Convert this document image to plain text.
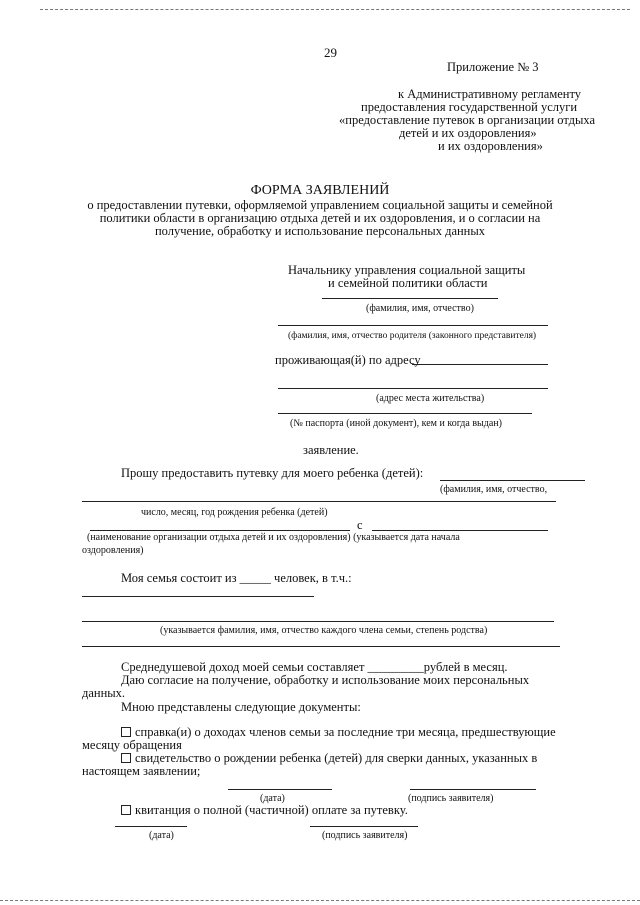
29
Приложение № 3
к Административному регламенту
предоставления государственной услуги
«предоставление путевок в организации отдыха
детей и их оздоровления»
и их оздоровления»
ФОРМА ЗАЯВЛЕНИЙ
о предоставлении путевки, оформляемой управлением социальной защиты и семейной
политики области в организацию отдыха детей и их оздоровления, и о согласии на
получение, обработку и использование персональных данных
Начальнику управления социальной защиты
и семейной политики области
(фамилия, имя, отчество)
(фамилия, имя, отчество родителя (законного представителя)
проживающая(й) по адресу
(адрес места жительства)
(№ паспорта (иной документ), кем и когда выдан)
заявление.
Прошу предоставить путевку для моего ребенка (детей):
(фамилия, имя, отчество,
число, месяц, год рождения ребенка (детей)
с
(наименование организации отдыха детей и их оздоровления) (указывается дата начала
оздоровления)
Моя семья состоит из _____ человек, в т.ч.:
(указывается фамилия, имя, отчество каждого члена семьи, степень родства)
Среднедушевой доход моей семьи составляет _________рублей в месяц.
Даю согласие на получение, обработку и использование моих персональных
данных.
Мною представлены следующие документы:
справка(и) о доходах членов семьи за последние три месяца, предшествующие
месяцу обращения
свидетельство о рождении ребенка (детей) для сверки данных, указанных в
настоящем заявлении;
(дата)	(подпись заявителя)
квитанция о полной (частичной) оплате за путевку.
(дата)	(подпись заявителя)
